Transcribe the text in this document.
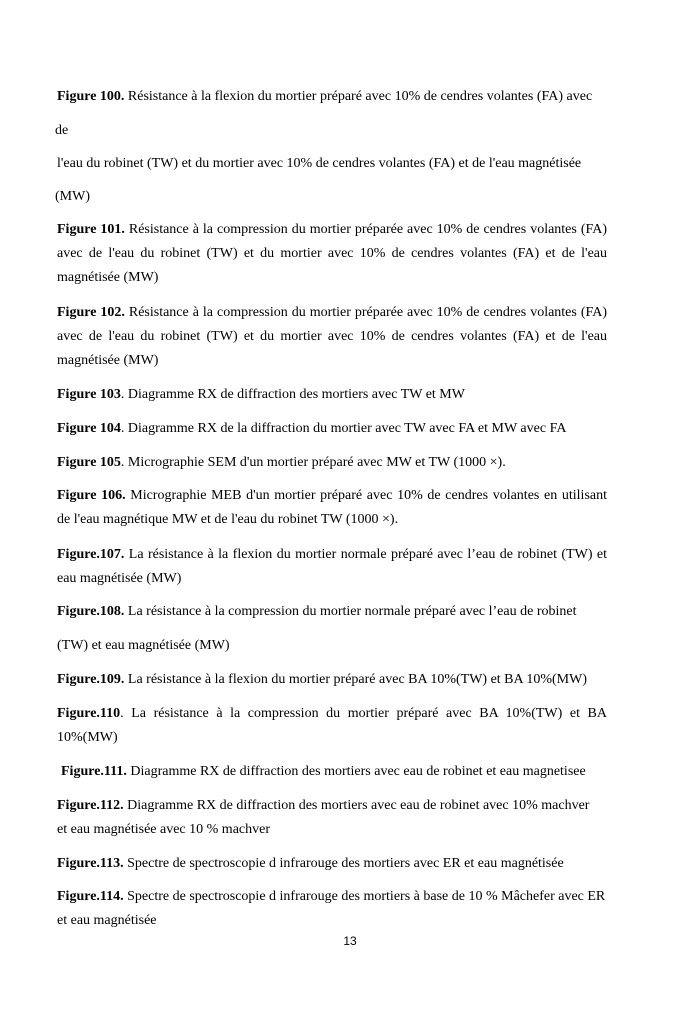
Figure 100. Résistance à la flexion du mortier préparé avec 10% de cendres volantes (FA) avec
de
l'eau du robinet (TW) et du mortier avec 10% de cendres volantes (FA) et de l'eau magnétisée
(MW)
Figure 101. Résistance à la compression du mortier préparée avec 10% de cendres volantes (FA)
avec de l'eau du robinet (TW) et du mortier avec 10% de cendres volantes (FA) et de l'eau
magnétisée (MW)
Figure 102. Résistance à la compression du mortier préparée avec 10% de cendres volantes (FA)
avec de l'eau du robinet (TW) et du mortier avec 10% de cendres volantes (FA) et de l'eau
magnétisée (MW)
Figure 103. Diagramme RX de diffraction des mortiers avec TW et MW
Figure 104. Diagramme RX de la diffraction du mortier avec TW avec FA et MW avec FA
Figure 105. Micrographie SEM d'un mortier préparé avec MW et TW (1000 ×).
Figure 106. Micrographie MEB d'un mortier préparé avec 10% de cendres volantes en utilisant
de l'eau magnétique MW et de l'eau du robinet TW (1000 ×).
Figure.107. La résistance à la flexion du mortier normale préparé avec l’eau de robinet (TW) et
eau magnétisée (MW)
Figure.108. La résistance à la compression du mortier normale préparé avec l’eau de robinet
(TW) et eau magnétisée (MW)
Figure.109. La résistance à la flexion du mortier préparé avec BA 10%(TW) et BA 10%(MW)
Figure.110. La résistance à la compression du mortier préparé avec BA 10%(TW) et BA
10%(MW)
Figure.111. Diagramme RX de diffraction des mortiers avec eau de robinet et eau magnetisee
Figure.112. Diagramme RX de diffraction des mortiers avec eau de robinet avec 10% machver
et eau magnétisée avec 10 % machver
Figure.113. Spectre de spectroscopie d infrarouge des mortiers avec ER et eau magnétisée
Figure.114. Spectre de spectroscopie d infrarouge des mortiers à base de 10 % Mâchefer avec ER
et eau magnétisée
13
